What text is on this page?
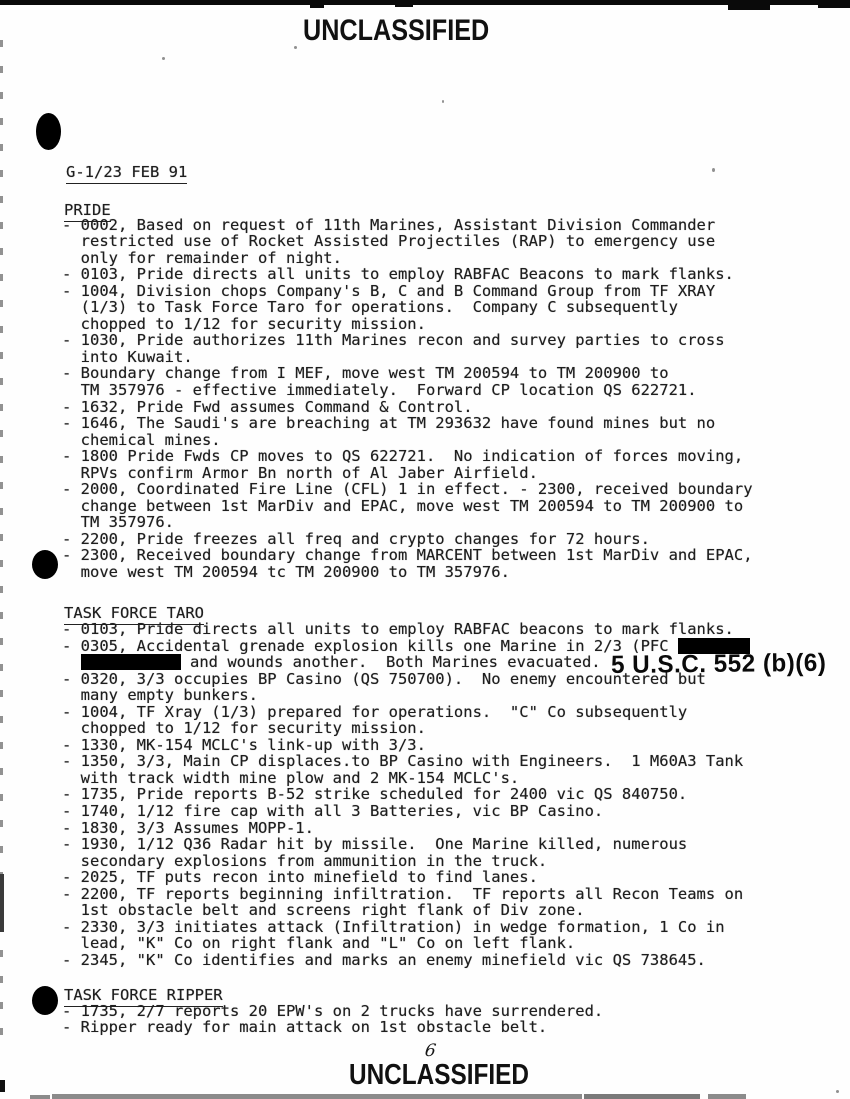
UNCLASSIFIED
UNCLASSIFIED
G-1/23 FEB 91
PRIDE
- 0002, Based on request of 11th Marines, Assistant Division Commander
restricted use of Rocket Assisted Projectiles (RAP) to emergency use
only for remainder of night.
- 0103, Pride directs all units to employ RABFAC Beacons to mark flanks.
- 1004, Division chops Company's B, C and B Command Group from TF XRAY
(1/3) to Task Force Taro for operations.  Company C subsequently
chopped to 1/12 for security mission.
- 1030, Pride authorizes 11th Marines recon and survey parties to cross
into Kuwait.
- Boundary change from I MEF, move west TM 200594 to TM 200900 to
TM 357976 - effective immediately.  Forward CP location QS 622721.
- 1632, Pride Fwd assumes Command & Control.
- 1646, The Saudi's are breaching at TM 293632 have found mines but no
chemical mines.
- 1800 Pride Fwds CP moves to QS 622721.  No indication of forces moving,
RPVs confirm Armor Bn north of Al Jaber Airfield.
- 2000, Coordinated Fire Line (CFL) 1 in effect. - 2300, received boundary
change between 1st MarDiv and EPAC, move west TM 200594 to TM 200900 to
TM 357976.
- 2200, Pride freezes all freq and crypto changes for 72 hours.
- 2300, Received boundary change from MARCENT between 1st MarDiv and EPAC,
move west TM 200594 tc TM 200900 to TM 357976.
TASK FORCE TARO
- 0103, Pride directs all units to employ RABFAC beacons to mark flanks.
- 0305, Accidental grenade explosion kills one Marine in 2/3 (PFC
and wounds another.  Both Marines evacuated.
- 0320, 3/3 occupies BP Casino (QS 750700).  No enemy encountered but
many empty bunkers.
- 1004, TF Xray (1/3) prepared for operations.  "C" Co subsequently
chopped to 1/12 for security mission.
- 1330, MK-154 MCLC's link-up with 3/3.
- 1350, 3/3, Main CP displaces.to BP Casino with Engineers.  1 M60A3 Tank
with track width mine plow and 2 MK-154 MCLC's.
- 1735, Pride reports B-52 strike scheduled for 2400 vic QS 840750.
- 1740, 1/12 fire cap with all 3 Batteries, vic BP Casino.
- 1830, 3/3 Assumes MOPP-1.
- 1930, 1/12 Q36 Radar hit by missile.  One Marine killed, numerous
secondary explosions from ammunition in the truck.
- 2025, TF puts recon into minefield to find lanes.
- 2200, TF reports beginning infiltration.  TF reports all Recon Teams on
1st obstacle belt and screens right flank of Div zone.
- 2330, 3/3 initiates attack (Infiltration) in wedge formation, 1 Co in
lead, "K" Co on right flank and "L" Co on left flank.
- 2345, "K" Co identifies and marks an enemy minefield vic QS 738645.
TASK FORCE RIPPER
- 1735, 2/7 reports 20 EPW's on 2 trucks have surrendered.
- Ripper ready for main attack on 1st obstacle belt.
5 U.S.C. 552 (b)(6)
6
